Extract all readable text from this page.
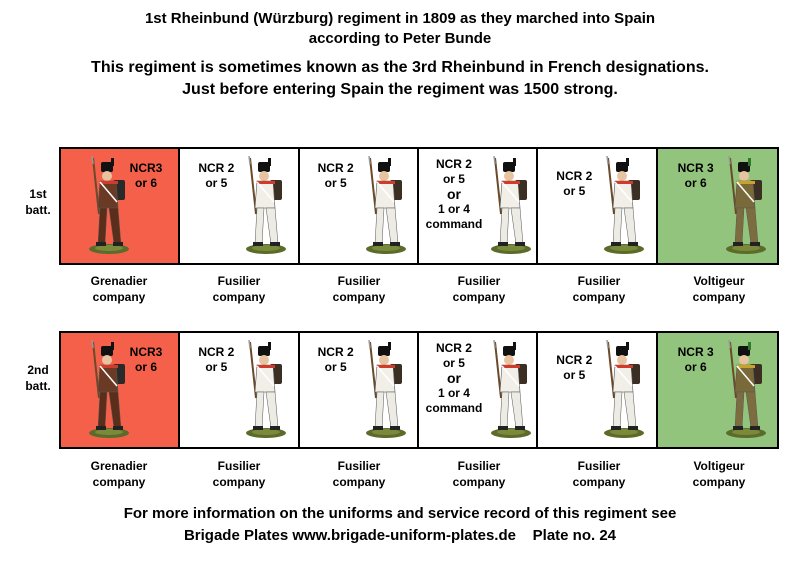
1st Rheinbund (Würzburg) regiment in 1809 as they marched into Spain
according to Peter Bunde
This regiment is sometimes known as the 3rd Rheinbund in French designations.
Just before entering Spain the regiment was 1500 strong.
1st
batt.
Grenadier
company
Fusilier
company
Fusilier
company
Fusilier
company
Fusilier
company
Voltigeur
company
NCR3
or 6
NCR 2
or 5
NCR 2
or 5
NCR 2
or 5
or
1 or 4
command
NCR 2
or 5
NCR 3
or 6
2nd
batt.
Grenadier
company
Fusilier
company
Fusilier
company
Fusilier
company
Fusilier
company
Voltigeur
company
NCR3
or 6
NCR 2
or 5
NCR 2
or 5
NCR 2
or 5
or
1 or 4
command
NCR 2
or 5
NCR 3
or 6
For more information on the uniforms and service record of this regiment see
Brigade Plates www.brigade-uniform-plates.de    Plate no. 24
